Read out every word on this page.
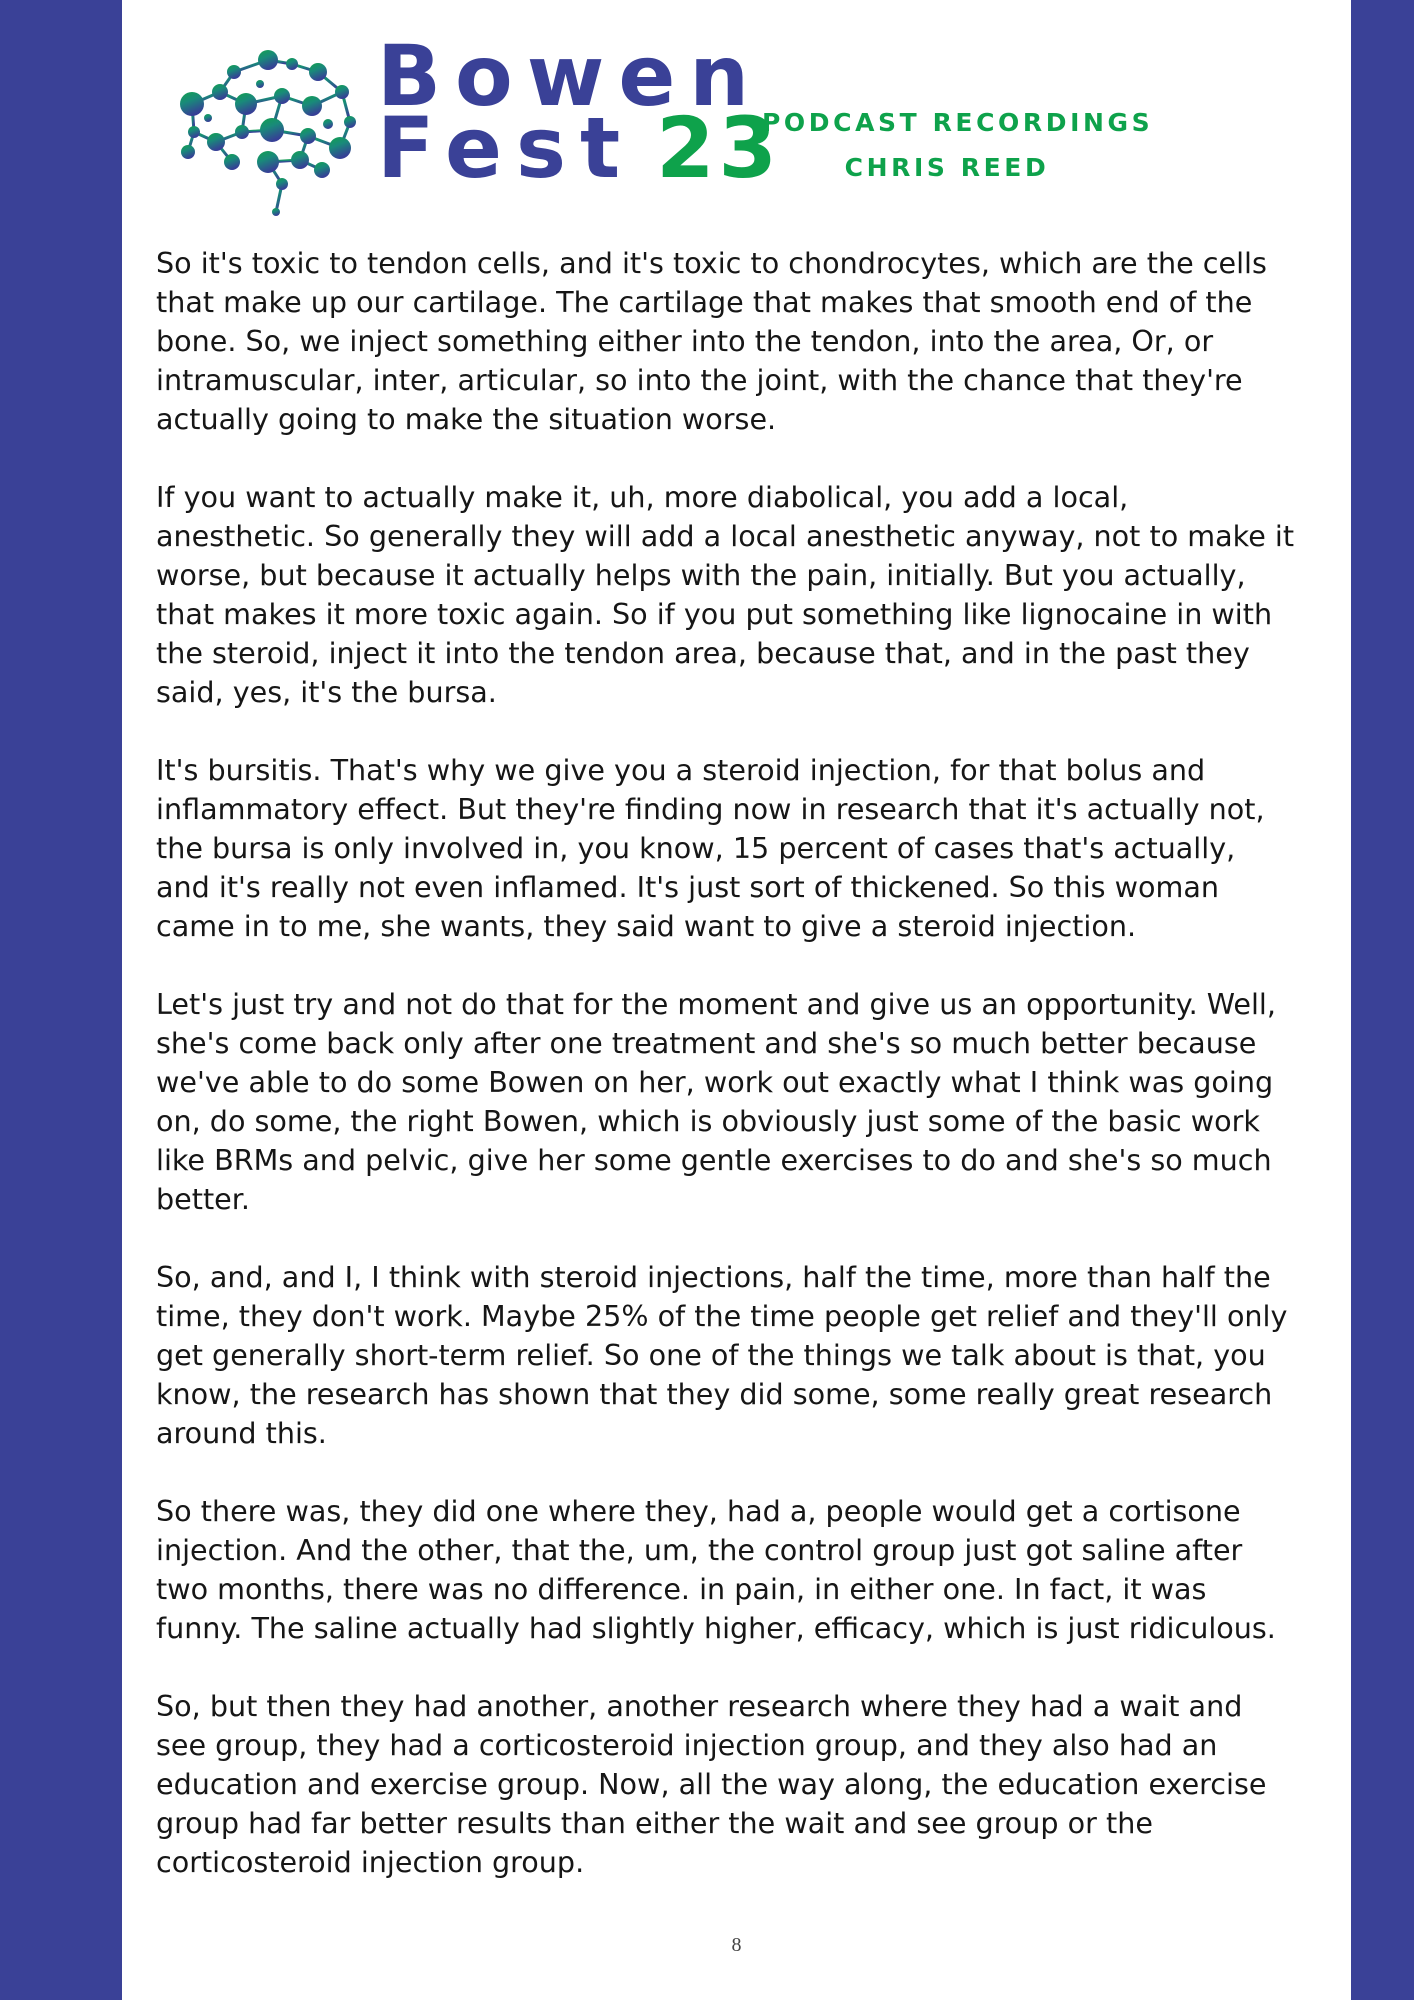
Bowen
Fest 23
PODCAST RECORDINGS
CHRIS REED

So it's toxic to tendon cells, and it's toxic to chondrocytes, which are the cells that make up our cartilage. The cartilage that makes that smooth end of the bone. So, we inject something either into the tendon, into the area, Or, or intramuscular, inter, articular, so into the joint, with the chance that they're actually going to make the situation worse.

If you want to actually make it, uh, more diabolical, you add a local, anesthetic. So generally they will add a local anesthetic anyway, not to make it worse, but because it actually helps with the pain, initially. But you actually, that makes it more toxic again. So if you put something like lignocaine in with the steroid, inject it into the tendon area, because that, and in the past they said, yes, it's the bursa.

It's bursitis. That's why we give you a steroid injection, for that bolus and inflammatory effect. But they're finding now in research that it's actually not, the bursa is only involved in, you know, 15 percent of cases that's actually, and it's really not even inflamed. It's just sort of thickened. So this woman came in to me, she wants, they said want to give a steroid injection.

Let's just try and not do that for the moment and give us an opportunity. Well, she's come back only after one treatment and she's so much better because we've able to do some Bowen on her, work out exactly what I think was going on, do some, the right Bowen, which is obviously just some of the basic work like BRMs and pelvic, give her some gentle exercises to do and she's so much better.

So, and, and I, I think with steroid injections, half the time, more than half the time, they don't work. Maybe 25% of the time people get relief and they'll only get generally short-term relief. So one of the things we talk about is that, you know, the research has shown that they did some, some really great research around this.

So there was, they did one where they, had a, people would get a cortisone injection. And the other, that the, um, the control group just got saline after two months, there was no difference. in pain, in either one. In fact, it was funny. The saline actually had slightly higher, efficacy, which is just ridiculous.

So, but then they had another, another research where they had a wait and see group, they had a corticosteroid injection group, and they also had an education and exercise group. Now, all the way along, the education exercise group had far better results than either the wait and see group or the corticosteroid injection group.

8
